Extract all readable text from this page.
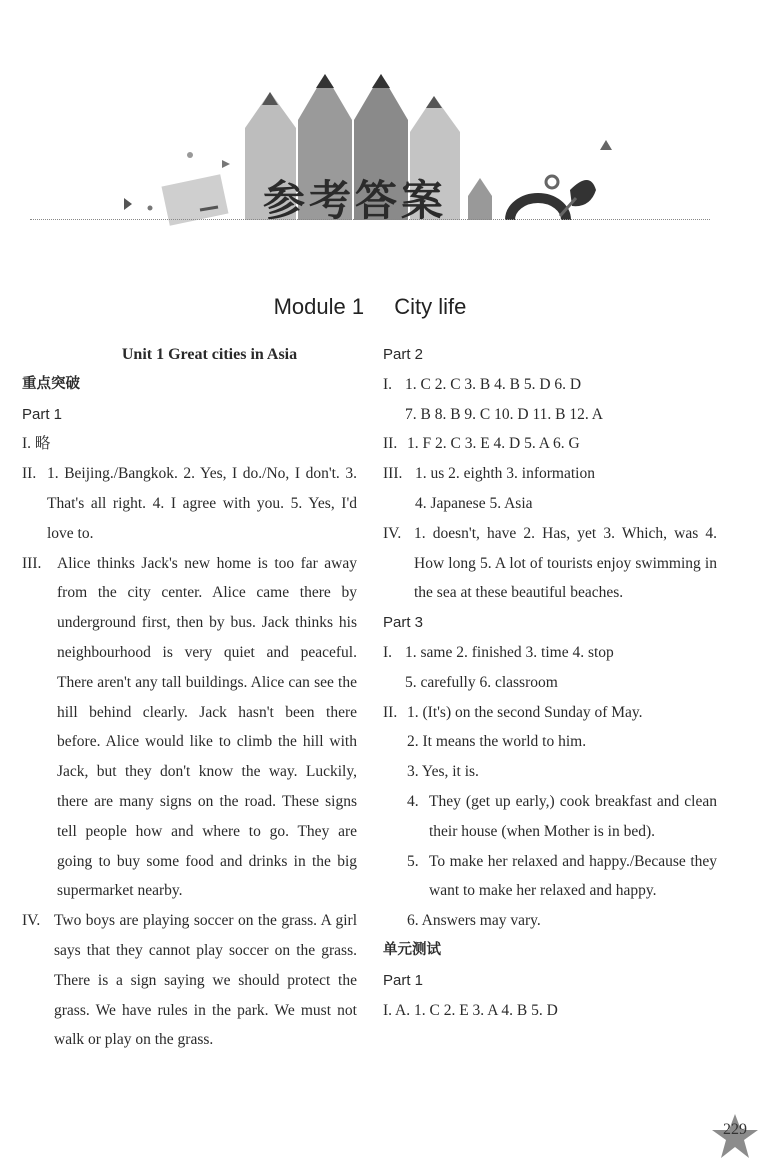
参考答案
Module 1 City life
Unit 1 Great cities in Asia
重点突破
Part 1
I. 略
II. 1. Beijing./Bangkok. 2. Yes, I do./No, I don't. 3. That's all right. 4. I agree with you. 5. Yes, I'd love to.
III.	Alice thinks Jack's new home is too far away from the city center. Alice came there by underground first, then by bus. Jack thinks his neighbourhood is very quiet and peaceful. There aren't any tall buildings. Alice can see the hill behind clearly. Jack hasn't been there before. Alice would like to climb the hill with Jack, but they don't know the way. Luckily, there are many signs on the road. These signs tell people how and where to go. They are going to buy some food and drinks in the big supermarket nearby.
IV. Two boys are playing soccer on the grass. A girl says that they cannot play soccer on the grass. There is a sign saying we should protect the grass. We have rules in the park. We must not walk or play on the grass.
Part 2
I. 1. C 2. C 3. B 4. B 5. D 6. D
7. B 8. B 9. C 10. D 11. B 12. A
II. 1. F 2. C 3. E 4. D 5. A 6. G
III. 1. us 2. eighth 3. information
4. Japanese 5. Asia
IV. 1. doesn't, have 2. Has, yet 3. Which, was 4. How long 5. A lot of tourists enjoy swimming in the sea at these beautiful beaches.
Part 3
I. 1. same 2. finished 3. time 4. stop
5. carefully 6. classroom
II. 1. (It's) on the second Sunday of May.
2. It means the world to him.
3. Yes, it is.
4. They (get up early,) cook breakfast and clean their house (when Mother is in bed).
5. To make her relaxed and happy./Because they want to make her relaxed and happy.
6. Answers may vary.
单元测试
Part 1
I. A. 1. C 2. E 3. A 4. B 5. D
229
